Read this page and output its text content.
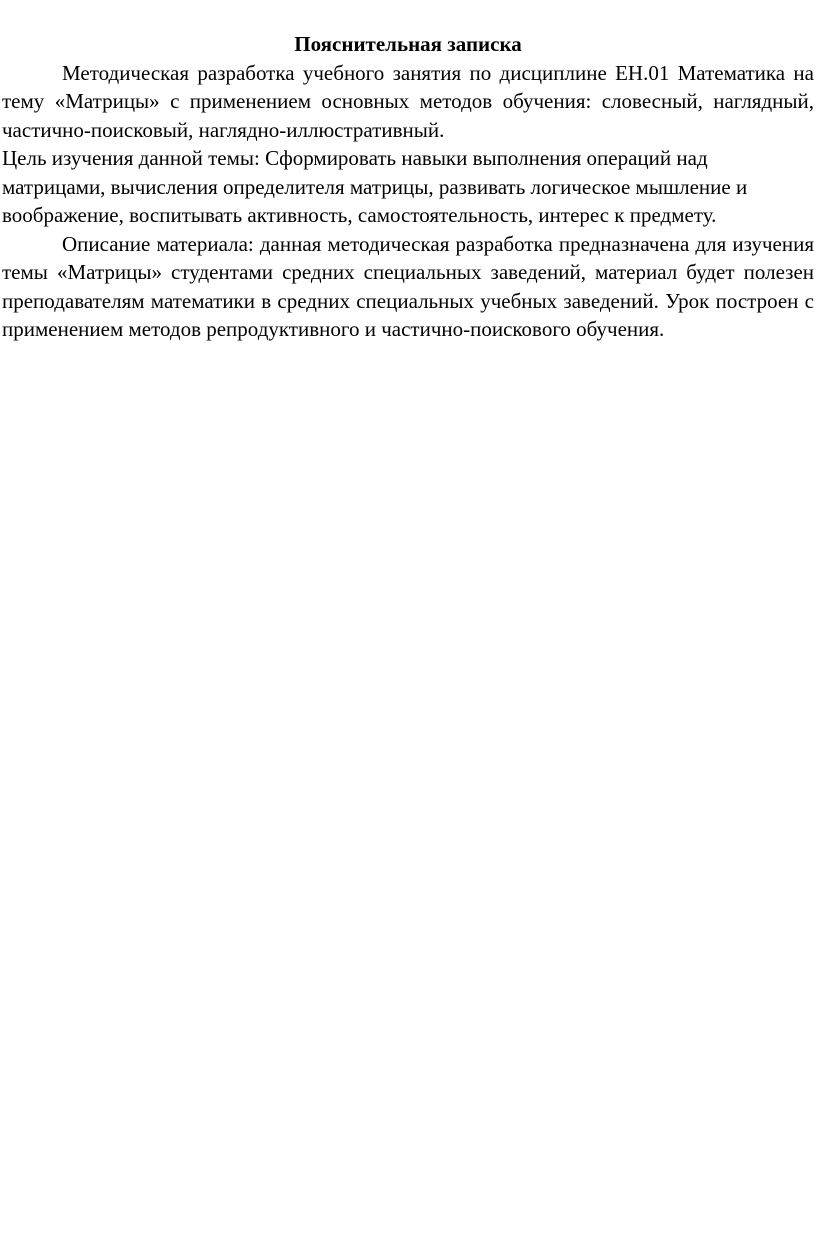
Пояснительная записка

Методическая разработка учебного занятия по дисциплине ЕН.01 Математика на тему «Матрицы» с применением основных методов обучения: словесный, наглядный, частично-поисковый, наглядно-иллюстративный.

Цель изучения данной темы: Сформировать навыки выполнения операций над матрицами, вычисления определителя матрицы, развивать логическое мышление и воображение, воспитывать активность, самостоятельность, интерес к предмету.

Описание материала: данная методическая разработка предназначена для изучения темы «Матрицы» студентами средних специальных заведений, материал будет полезен преподавателям математики в средних специальных учебных заведений. Урок построен с применением методов репродуктивного и частично-поискового обучения.
